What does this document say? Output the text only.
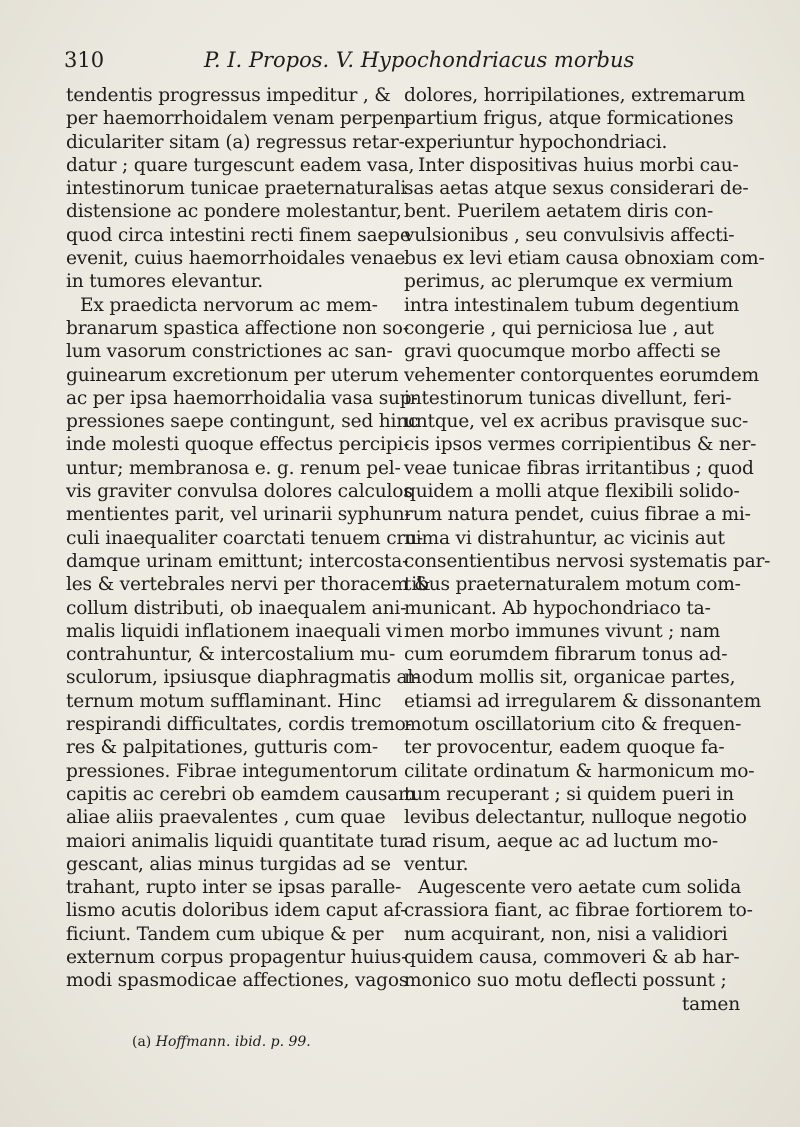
310	P. I. Propos. V. Hypochondriacus morbus
tendentis progressus impeditur , &
per haemorrhoidalem venam perpen-
dicularitеr sitam (a) regressus retar-
datur ; quare turgescunt eadem vasa,
intestinorum tunicae praeternaturali
distensione ac pondere molestantur,
quod circa intestini recti finem saepe
evenit, cuius haemorrhoidales venae
in tumores elevantur.
Ex praedicta nervorum ac mem-
branarum spastica affectione non so-
lum vasorum constrictiones ac san-
guinearum excretionum per uterum
ac per ipsa haemorrhoidalia vasa sup-
pressiones saepe contingunt, sed hinc
inde molesti quoque effectus percipi-
untur; membranosa e. g. renum pel-
vis graviter convulsa dolores calculos
mentientes parit, vel urinarii syphun-
culi inaequaliter coarctati tenuem cru-
damque urinam emittunt; intercosta-
les & vertebrales nervi per thoracem &
collum distributi, ob inaequalem ani-
malis liquidi inflationem inaequali vi
contrahuntur, & intercostalium mu-
sculorum, ipsiusque diaphragmatis al-
ternum motum sufflaminant. Hinc
respirandi difficultates, cordis tremo-
res & palpitationes, gutturis com-
pressiones. Fibrae integumentorum
capitis ac cerebri ob eamdem causam
aliae aliis praevalentes , cum quae
maiori animalis liquidi quantitate tur-
gescant, alias minus turgidas ad se
trahant, rupto inter se ipsas paralle-
lismo acutis doloribus idem caput af-
ficiunt. Tandem cum ubique & per
externum corpus propagentur huius-
modi spasmodicae affectiones, vagos
dolores, horripilationes, extremarum
partium frigus, atque formicationes
experiuntur hypochondriaci.
Inter dispositivas huius morbi cau-
sas aetas atque sexus considerari de-
bent. Puerilem aetatem diris con-
vulsionibus , seu convulsivis affecti-
bus ex levi etiam causa obnoxiam com-
perimus, ac plerumque ex vermium
intra intestinalem tubum degentium
congerie , qui perniciosa lue , aut
gravi quocumque morbo affecti se
vehementer contorquentes eorumdem
intestinorum tunicas divellunt, feri-
untque, vel ex acribus pravisque suc-
cis ipsos vermes corripientibus & ner-
veae tunicae fibras irritantibus ; quod
quidem a molli atque flexibili solido-
rum natura pendet, cuius fibrae a mi-
nima vi distrahuntur, ac vicinis aut
consentientibus nervosi systematis par-
tibus praeternaturalem motum com-
municant. Ab hypochondriaco ta-
men morbo immunes vivunt ; nam
cum eorumdem fibrarum tonus ad-
modum mollis sit, organicae partes,
etiamsi ad irregularem & dissonantem
motum oscillatorium cito & frequen-
ter provocentur, eadem quoque fa-
cilitate ordinatum & harmonicum mo-
tum recuperant ; si quidem pueri in
levibus delectantur, nulloque negotio
ad risum, aeque ac ad luctum mo-
ventur.
Augescente vero aetate cum solida
crassiora fiant, ac fibrae fortiorem to-
num acquirant, non, nisi a validiori
quidem causa, commoveri & ab har-
monico suo motu deflecti possunt ;
tamen
(a) Hoffmann. ibid. p. 99.
